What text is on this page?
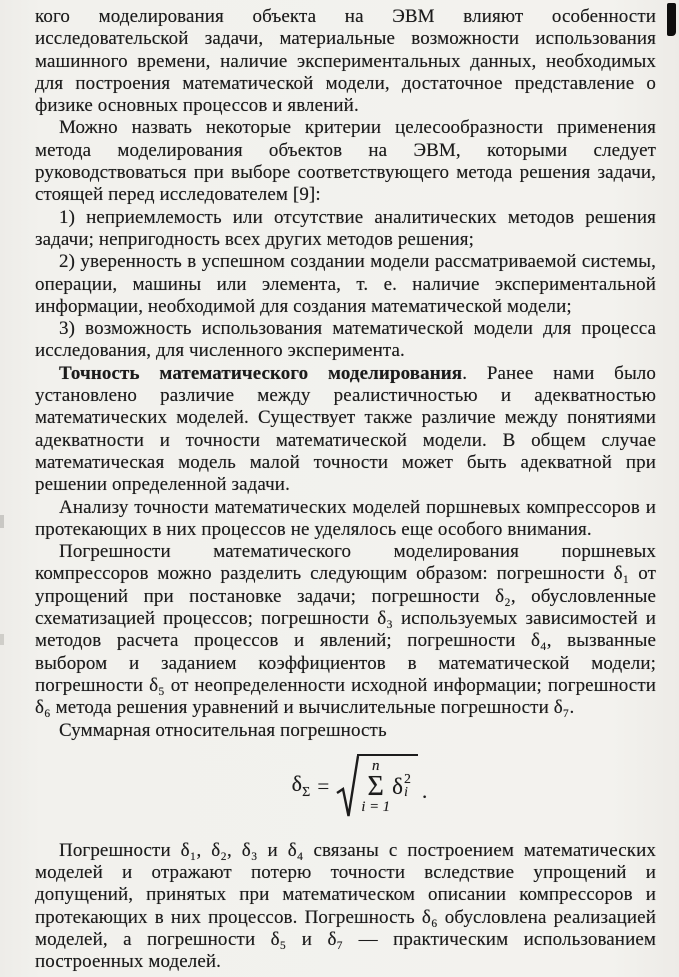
кого моделирования объекта на ЭВМ влияют особенности исследовательской задачи, материальные возможности использования машинного времени, наличие экспериментальных данных, необходимых для построения математической модели, достаточное представление о физике основных процессов и явлений.

Можно назвать некоторые критерии целесообразности применения метода моделирования объектов на ЭВМ, которыми следует руководствоваться при выборе соответствующего метода решения задачи, стоящей перед исследователем [9]:

1) неприемлемость или отсутствие аналитических методов решения задачи; непригодность всех других методов решения;

2) уверенность в успешном создании модели рассматриваемой системы, операции, машины или элемента, т. е. наличие экспериментальной информации, необходимой для создания математической модели;

3) возможность использования математической модели для процесса исследования, для численного эксперимента.

Точность математического моделирования. Ранее нами было установлено различие между реалистичностью и адекватностью математических моделей. Существует также различие между понятиями адекватности и точности математической модели. В общем случае математическая модель малой точности может быть адекватной при решении определенной задачи.

Анализу точности математических моделей поршневых компрессоров и протекающих в них процессов не уделялось еще особого внимания.

Погрешности математического моделирования поршневых компрессоров можно разделить следующим образом: погрешности δ₁ от упрощений при постановке задачи; погрешности δ₂, обусловленные схематизацией процессов; погрешности δ₃ используемых зависимостей и методов расчета процессов и явлений; погрешности δ₄, вызванные выбором и заданием коэффициентов в математической модели; погрешности δ₅ от неопределенности исходной информации; погрешности δ₆ метода решения уравнений и вычислительные погрешности δ₇.

Суммарная относительная погрешность

$\delta_\Sigma$ =
n
Σ
i = 1
δ 2
i .

Погрешности δ₁, δ₂, δ₃ и δ₄ связаны с построением математических моделей и отражают потерю точности вследствие упрощений и допущений, принятых при математическом описании компрессоров и протекающих в них процессов. Погрешность δ₆ обусловлена реализацией моделей, а погрешности δ₅ и δ₇ — практическим использованием построенных моделей.
